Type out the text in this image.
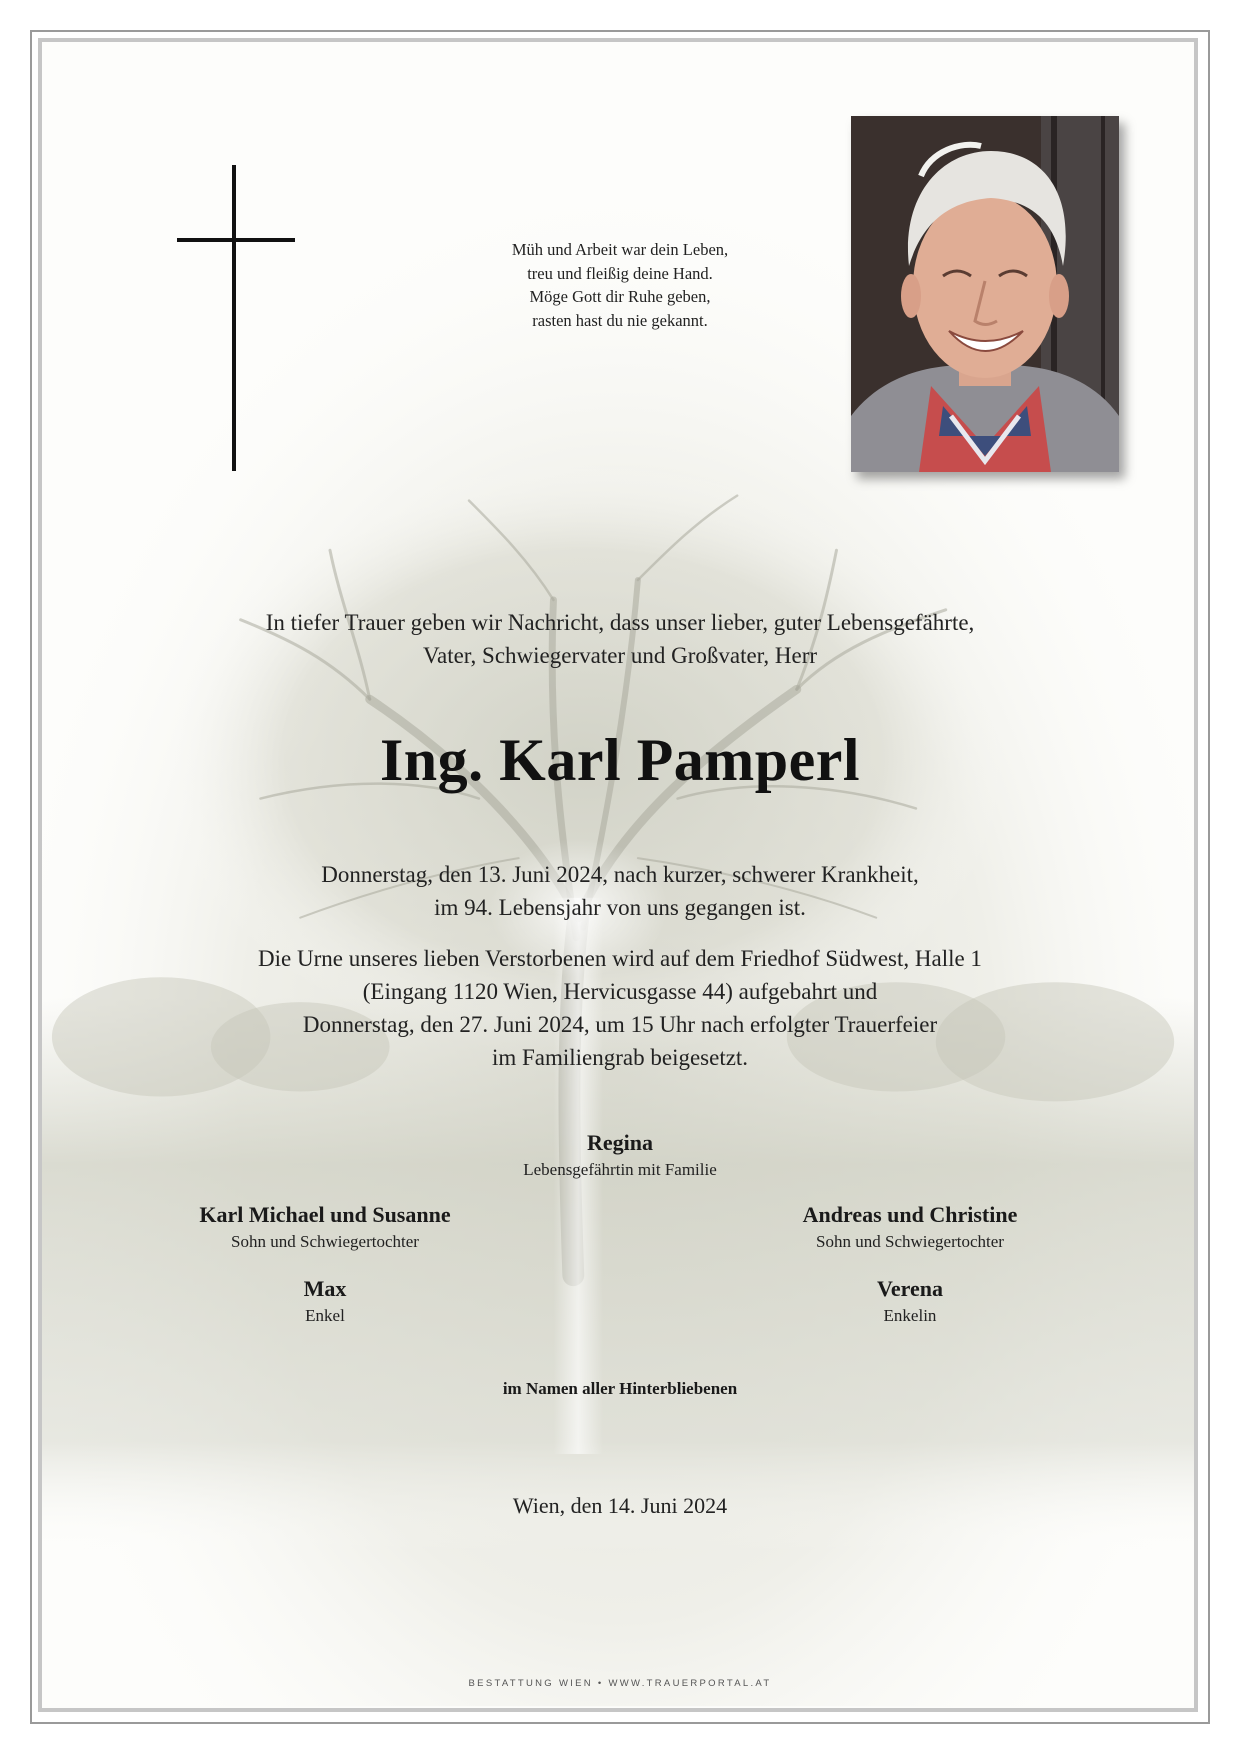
Müh und Arbeit war dein Leben,
treu und fleißig deine Hand.
Möge Gott dir Ruhe geben,
rasten hast du nie gekannt.
In tiefer Trauer geben wir Nachricht, dass unser lieber, guter Lebensgefährte,
Vater, Schwiegervater und Großvater, Herr
Ing. Karl Pamperl
Donnerstag, den 13. Juni 2024, nach kurzer, schwerer Krankheit,
im 94. Lebensjahr von uns gegangen ist.
Die Urne unseres lieben Verstorbenen wird auf dem Friedhof Südwest, Halle 1
(Eingang 1120 Wien, Hervicusgasse 44) aufgebahrt und
Donnerstag, den 27. Juni 2024, um 15 Uhr nach erfolgter Trauerfeier
im Familiengrab beigesetzt.
Regina
Lebensgefährtin mit Familie
Karl Michael und Susanne
Sohn und Schwiegertochter
Andreas und Christine
Sohn und Schwiegertochter
Max
Enkel
Verena
Enkelin
im Namen aller Hinterbliebenen
Wien, den 14. Juni 2024
BESTATTUNG WIEN • WWW.TRAUERPORTAL.AT
